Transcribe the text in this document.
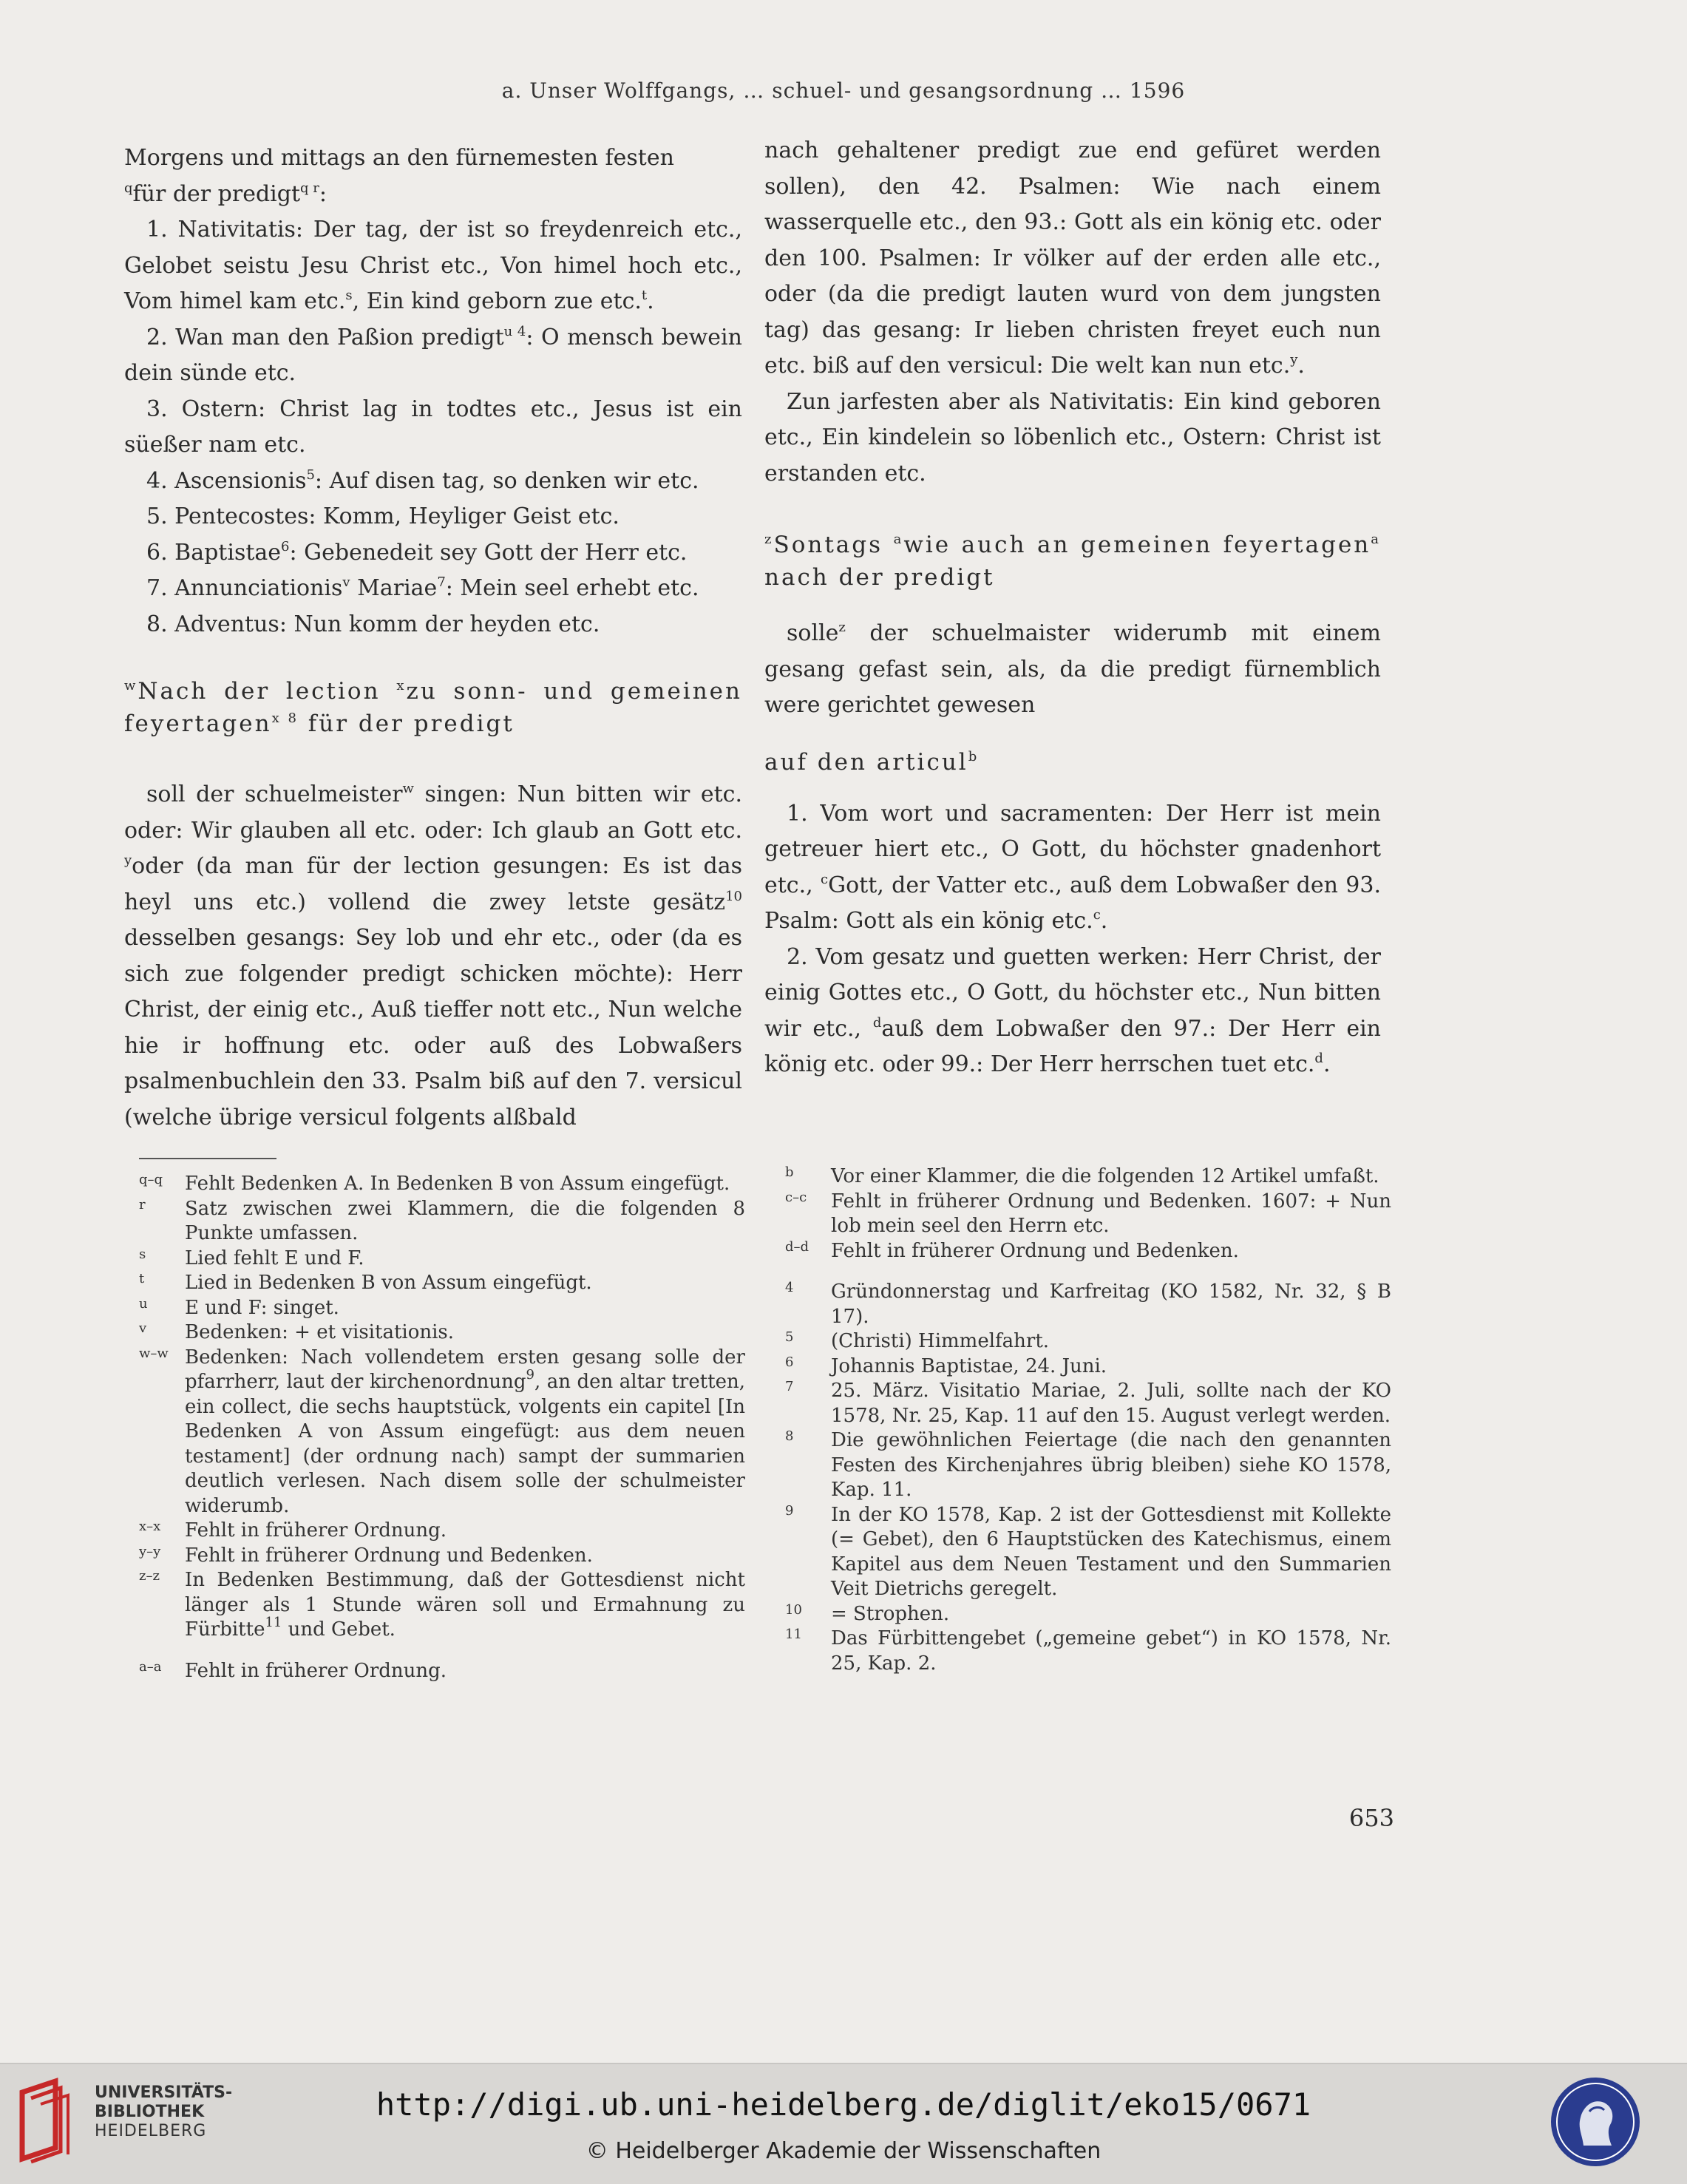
a. Unser Wolffgangs, … schuel- und gesangsordnung … 1596

Morgens und mittags an den fürnemesten festen
$^q$für der predigt$^{q r}$:

1. Nativitatis: Der tag, der ist so freydenreich etc., Gelobet seistu Jesu Christ etc., Von himel hoch etc., Vom himel kam etc.$^s$, Ein kind geborn zue etc.$^t$.

2. Wan man den Paßion predigt$^{u 4}$: O mensch bewein dein sünde etc.

3. Ostern: Christ lag in todtes etc., Jesus ist ein süeßer nam etc.

4. Ascensionis$^5$: Auf disen tag, so denken wir etc.

5. Pentecostes: Komm, Heyliger Geist etc.

6. Baptistae$^6$: Gebenedeit sey Gott der Herr etc.

7. Annunciationis$^v$ Mariae$^7$: Mein seel erhebt etc.

8. Adventus: Nun komm der heyden etc.

$^w$Nach der lection $^x$zu sonn- und gemeinen feyertagen$^{x 8}$ für der predigt

soll der schuelmeister$^w$ singen: Nun bitten wir etc. oder: Wir glauben all etc. oder: Ich glaub an Gott etc. $^y$oder (da man für der lection gesungen: Es ist das heyl uns etc.) vollend die zwey letste gesätz$^{10}$ desselben gesangs: Sey lob und ehr etc., oder (da es sich zue folgender predigt schicken möchte): Herr Christ, der einig etc., Auß tieffer nott etc., Nun welche hie ir hoffnung etc. oder auß des Lobwaßers psalmenbuchlein den 33. Psalm biß auf den 7. versicul (welche übrige versicul folgents alßbald

nach gehaltener predigt zue end gefüret werden sollen), den 42. Psalmen: Wie nach einem wasserquelle etc., den 93.: Gott als ein könig etc. oder den 100. Psalmen: Ir völker auf der erden alle etc., oder (da die predigt lauten wurd von dem jungsten tag) das gesang: Ir lieben christen freyet euch nun etc. biß auf den versicul: Die welt kan nun etc.$^y$.

Zun jarfesten aber als Nativitatis: Ein kind geboren etc., Ein kindelein so löbenlich etc., Ostern: Christ ist erstanden etc.

$^z$Sontags $^a$wie auch an gemeinen feyertagen$^a$ nach der predigt

solle$^z$ der schuelmaister widerumb mit einem gesang gefast sein, als, da die predigt fürnemblich were gerichtet gewesen

auf den articul$^b$

1. Vom wort und sacramenten: Der Herr ist mein getreuer hiert etc., O Gott, du höchster gnadenhort etc., $^c$Gott, der Vatter etc., auß dem Lobwaßer den 93. Psalm: Gott als ein könig etc.$^c$.

2. Vom gesatz und guetten werken: Herr Christ, der einig Gottes etc., O Gott, du höchster etc., Nun bitten wir etc., $^d$auß dem Lobwaßer den 97.: Der Herr ein könig etc. oder 99.: Der Herr herrschen tuet etc.$^d$.

q–q	Fehlt Bedenken A. In Bedenken B von Assum eingefügt.
r	Satz zwischen zwei Klammern, die die folgenden 8 Punkte umfassen.
s	Lied fehlt E und F.
t	Lied in Bedenken B von Assum eingefügt.
u	E und F: singet.
v	Bedenken: + et visitationis.
w–w Bedenken: Nach vollendetem ersten gesang solle der pfarrherr, laut der kirchenordnung$^9$, an den altar tretten, ein collect, die sechs hauptstück, volgents ein capitel [In Bedenken A von Assum eingefügt: aus dem neuen testament] (der ordnung nach) sampt der summarien deutlich verlesen. Nach disem solle der schulmeister widerumb.
x–x	Fehlt in früherer Ordnung.
y–y	Fehlt in früherer Ordnung und Bedenken.
z–z	In Bedenken Bestimmung, daß der Gottesdienst nicht länger als 1 Stunde wären soll und Ermahnung zu Fürbitte$^{11}$ und Gebet.
a–a	Fehlt in früherer Ordnung.
b	Vor einer Klammer, die die folgenden 12 Artikel umfaßt.
c–c	Fehlt in früherer Ordnung und Bedenken. 1607: + Nun lob mein seel den Herrn etc.
d–d	Fehlt in früherer Ordnung und Bedenken.
4	Gründonnerstag und Karfreitag (KO 1582, Nr. 32, § B 17).
5	(Christi) Himmelfahrt.
6	Johannis Baptistae, 24. Juni.
7	25. März. Visitatio Mariae, 2. Juli, sollte nach der KO 1578, Nr. 25, Kap. 11 auf den 15. August verlegt werden.
8	Die gewöhnlichen Feiertage (die nach den genannten Festen des Kirchenjahres übrig bleiben) siehe KO 1578, Kap. 11.
9	In der KO 1578, Kap. 2 ist der Gottesdienst mit Kollekte (= Gebet), den 6 Hauptstücken des Katechismus, einem Kapitel aus dem Neuen Testament und den Summarien Veit Dietrichs geregelt.
10	= Strophen.
11	Das Fürbittengebet („gemeine gebet“) in KO 1578, Nr. 25, Kap. 2.
653
UNIVERSITÄTS-
BIBLIOTHEK
HEIDELBERG
http://digi.ub.uni-heidelberg.de/diglit/eko15/0671
© Heidelberger Akademie der Wissenschaften
